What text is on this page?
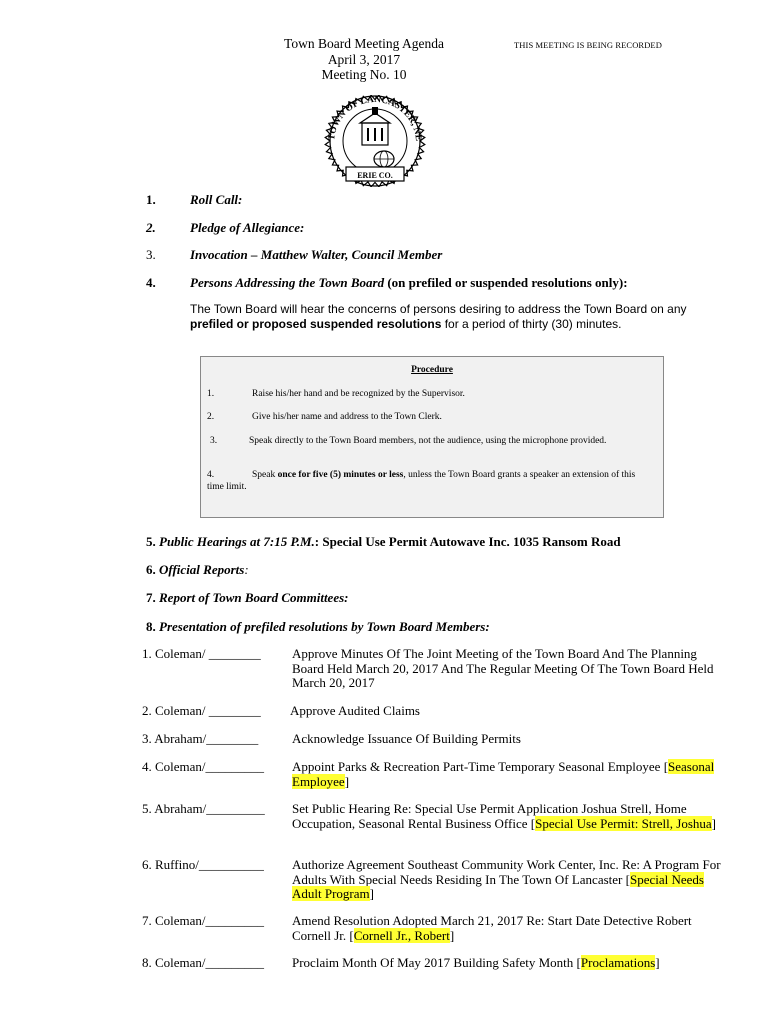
Town Board Meeting Agenda
April 3, 2017
Meeting No. 10
THIS MEETING IS BEING RECORDED
TOWN OF LANCASTER, NE
ERIE CO.
1.	Roll Call:
2.	Pledge of Allegiance:
3.	Invocation – Matthew Walter, Council Member
4.	Persons Addressing the Town Board (on prefiled or suspended resolutions only):
The Town Board will hear the concerns of persons desiring to address the Town Board on any prefiled or proposed suspended resolutions for a period of thirty (30) minutes.
Procedure
1.	Raise his/her hand and be recognized by the Supervisor.
2.	Give his/her name and address to the Town Clerk.
3.	Speak directly to the Town Board members, not the audience, using the microphone provided.
4.	Speak once for five (5) minutes or less, unless the Town Board grants a speaker an extension of this time limit.
5. Public Hearings at 7:15 P.M.: Special Use Permit Autowave Inc. 1035 Ransom Road
6. Official Reports:
7. Report of Town Board Committees:
8. Presentation of prefiled resolutions by Town Board Members:
1. Coleman/ ________ Approve Minutes Of The Joint Meeting of the Town Board And The Planning Board Held March 20, 2017 And The Regular Meeting Of The Town Board Held March 20, 2017
2. Coleman/ ________ Approve Audited Claims
3. Abraham/________	Acknowledge Issuance Of Building Permits
4. Coleman/_________ Appoint Parks & Recreation Part-Time Temporary Seasonal Employee [Seasonal Employee]
5. Abraham/_________ Set Public Hearing Re: Special Use Permit Application Joshua Strell, Home Occupation, Seasonal Rental Business Office [Special Use Permit: Strell, Joshua]
6. Ruffino/__________ Authorize Agreement Southeast Community Work Center, Inc. Re: A Program For Adults With Special Needs Residing In The Town Of Lancaster [Special Needs Adult Program]
7. Coleman/_________ Amend Resolution Adopted March 21, 2017 Re: Start Date Detective Robert Cornell Jr. [Cornell Jr., Robert]
8. Coleman/_________ Proclaim Month Of May 2017 Building Safety Month [Proclamations]
